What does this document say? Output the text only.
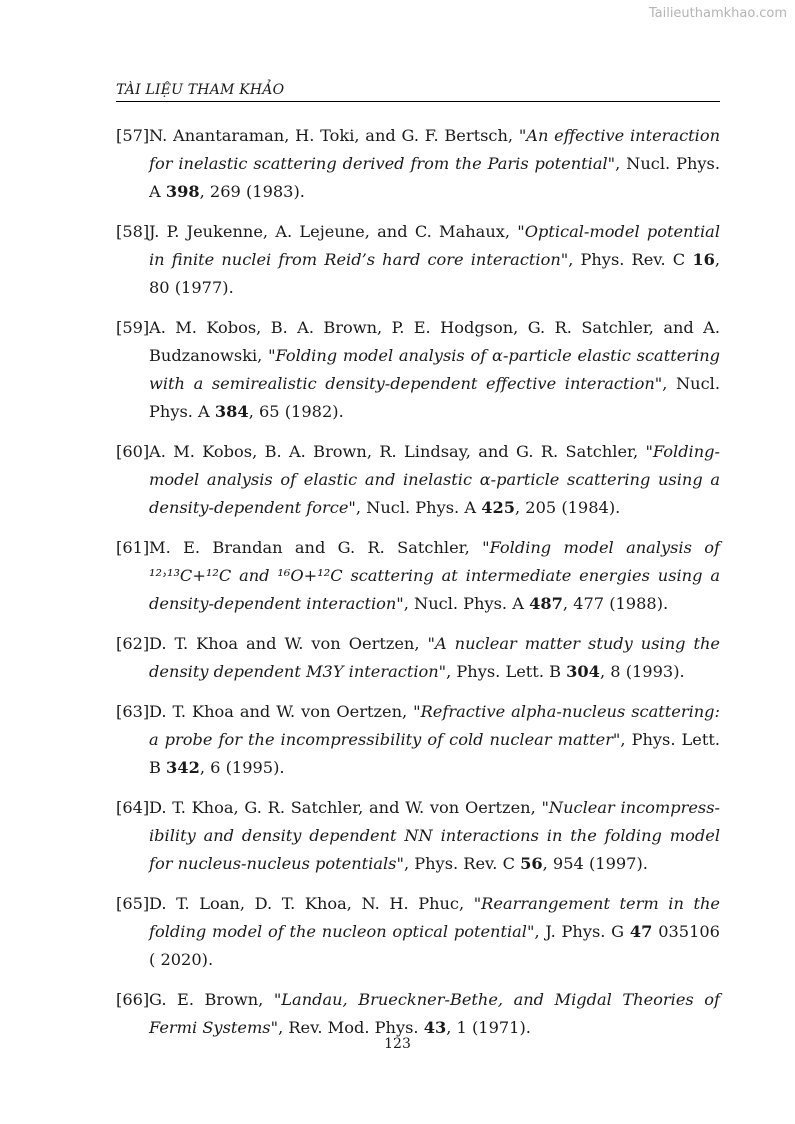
Tailieuthamkhao.com
TÀI LIỆU THAM KHẢO
[57] N. Anantaraman, H. Toki, and G. F. Bertsch, "An effective interaction for inelastic scattering derived from the Paris potential", Nucl. Phys. A 398, 269 (1983).
[58] J. P. Jeukenne, A. Lejeune, and C. Mahaux, "Optical-model potential in finite nuclei from Reid’s hard core interaction", Phys. Rev. C 16, 80 (1977).
[59] A. M. Kobos, B. A. Brown, P. E. Hodgson, G. R. Satchler, and A. Budzanowski, "Folding model analysis of α-particle elastic scattering with a semirealistic density-dependent effective interaction", Nucl. Phys. A 384, 65 (1982).
[60] A. M. Kobos, B. A. Brown, R. Lindsay, and G. R. Satchler, "Folding-model analysis of elastic and inelastic α-particle scattering using a density-dependent force", Nucl. Phys. A 425, 205 (1984).
[61] M. E. Brandan and G. R. Satchler, "Folding model analysis of ¹²˒¹³C+¹²C and ¹⁶O+¹²C scattering at intermediate energies using a density-dependent interaction", Nucl. Phys. A 487, 477 (1988).
[62] D. T. Khoa and W. von Oertzen, "A nuclear matter study using the density dependent M3Y interaction", Phys. Lett. B 304, 8 (1993).
[63] D. T. Khoa and W. von Oertzen, "Refractive alpha-nucleus scattering: a probe for the incompressibility of cold nuclear matter", Phys. Lett. B 342, 6 (1995).
[64] D. T. Khoa, G. R. Satchler, and W. von Oertzen, "Nuclear incompress-ibility and density dependent NN interactions in the folding model for nucleus-nucleus potentials", Phys. Rev. C 56, 954 (1997).
[65] D. T. Loan, D. T. Khoa, N. H. Phuc, "Rearrangement term in the folding model of the nucleon optical potential", J. Phys. G 47 035106 ( 2020).
[66] G. E. Brown, "Landau, Brueckner-Bethe, and Migdal Theories of Fermi Systems", Rev. Mod. Phys. 43, 1 (1971).
123
